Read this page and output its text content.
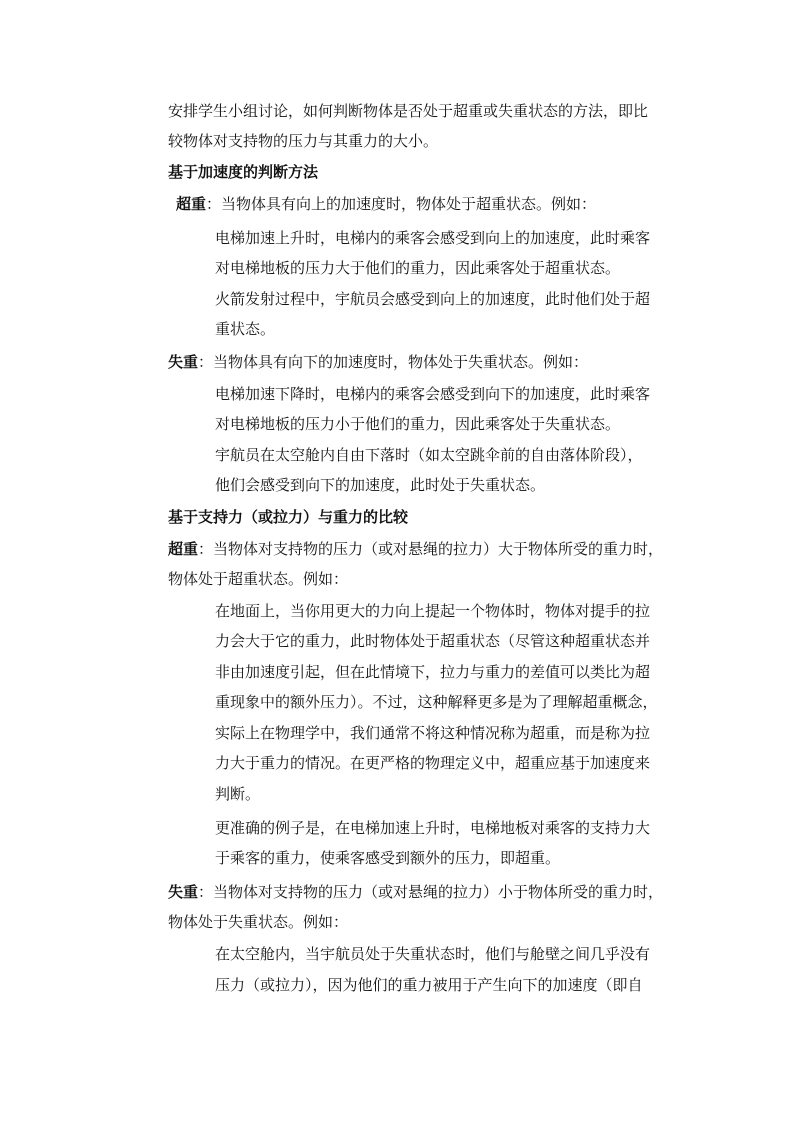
安排学生小组讨论，如何判断物体是否处于超重或失重状态的方法，即比
较物体对支持物的压力与其重力的大小。
基于加速度的判断方法
超重：当物体具有向上的加速度时，物体处于超重状态。例如：
电梯加速上升时，电梯内的乘客会感受到向上的加速度，此时乘客
对电梯地板的压力大于他们的重力，因此乘客处于超重状态。
火箭发射过程中，宇航员会感受到向上的加速度，此时他们处于超
重状态。
失重：当物体具有向下的加速度时，物体处于失重状态。例如：
电梯加速下降时，电梯内的乘客会感受到向下的加速度，此时乘客
对电梯地板的压力小于他们的重力，因此乘客处于失重状态。
宇航员在太空舱内自由下落时（如太空跳伞前的自由落体阶段），
他们会感受到向下的加速度，此时处于失重状态。
基于支持力（或拉力）与重力的比较
超重：当物体对支持物的压力（或对悬绳的拉力）大于物体所受的重力时，
物体处于超重状态。例如：
在地面上，当你用更大的力向上提起一个物体时，物体对提手的拉
力会大于它的重力，此时物体处于超重状态（尽管这种超重状态并
非由加速度引起，但在此情境下，拉力与重力的差值可以类比为超
重现象中的额外压力）。不过，这种解释更多是为了理解超重概念，
实际上在物理学中，我们通常不将这种情况称为超重，而是称为拉
力大于重力的情况。在更严格的物理定义中，超重应基于加速度来
判断。
更准确的例子是，在电梯加速上升时，电梯地板对乘客的支持力大
于乘客的重力，使乘客感受到额外的压力，即超重。
失重：当物体对支持物的压力（或对悬绳的拉力）小于物体所受的重力时，
物体处于失重状态。例如：
在太空舱内，当宇航员处于失重状态时，他们与舱壁之间几乎没有
压力（或拉力），因为他们的重力被用于产生向下的加速度（即自
